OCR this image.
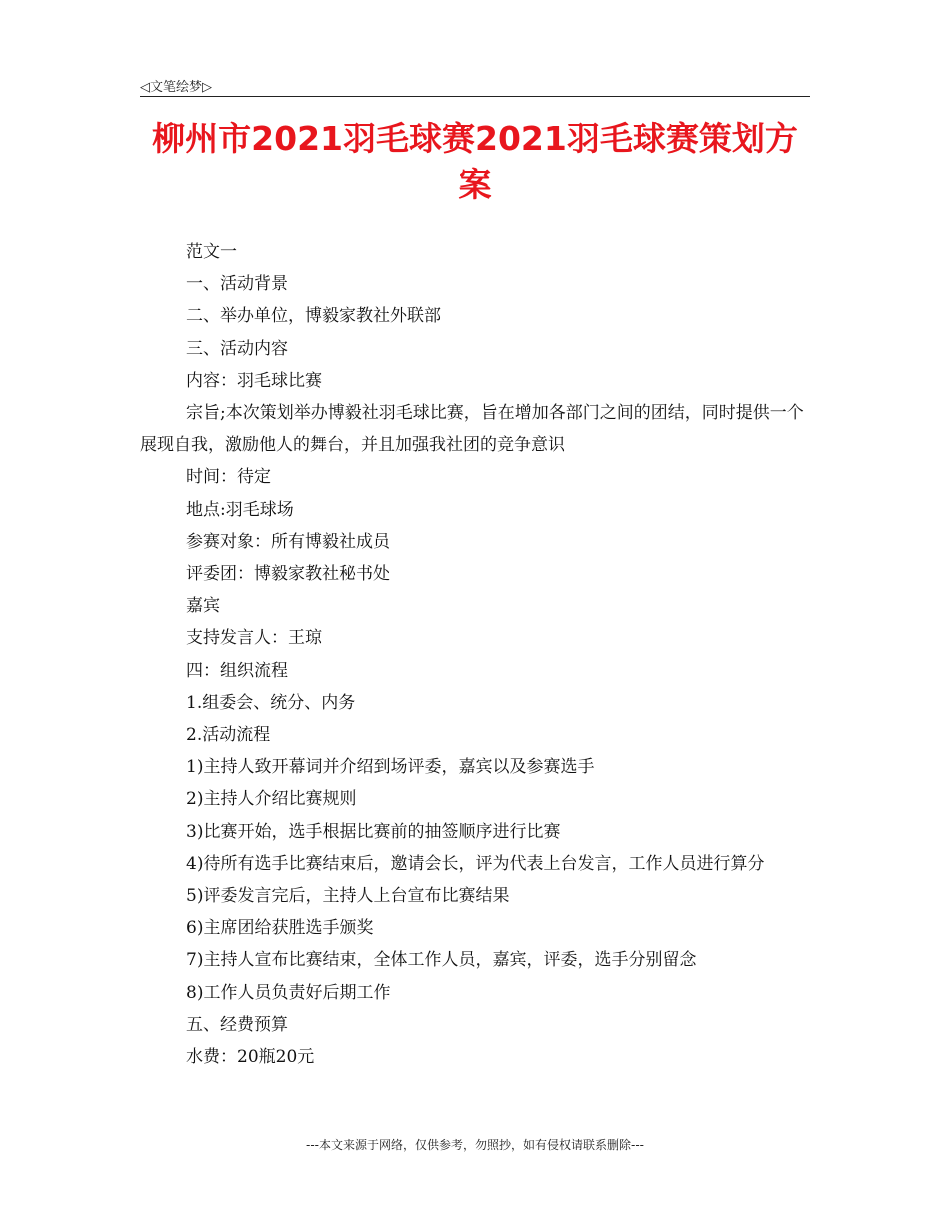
◁文笔绘梦▷
柳州市2021羽毛球赛2021羽毛球赛策划方案

范文一

一、活动背景

二、举办单位，博毅家教社外联部

三、活动内容

内容：羽毛球比赛

宗旨;本次策划举办博毅社羽毛球比赛，旨在增加各部门之间的团结，同时提供一个展现自我，激励他人的舞台，并且加强我社团的竞争意识

时间：待定

地点:羽毛球场

参赛对象：所有博毅社成员

评委团：博毅家教社秘书处

嘉宾

支持发言人：王琼

四：组织流程

1.组委会、统分、内务

2.活动流程

1)主持人致开幕词并介绍到场评委，嘉宾以及参赛选手

2)主持人介绍比赛规则

3)比赛开始，选手根据比赛前的抽签顺序进行比赛

4)待所有选手比赛结束后，邀请会长，评为代表上台发言，工作人员进行算分

5)评委发言完后，主持人上台宣布比赛结果

6)主席团给获胜选手颁奖

7)主持人宣布比赛结束，全体工作人员，嘉宾，评委，选手分别留念

8)工作人员负责好后期工作

五、经费预算

水费：20瓶20元

---本文来源于网络，仅供参考，勿照抄，如有侵权请联系删除---
